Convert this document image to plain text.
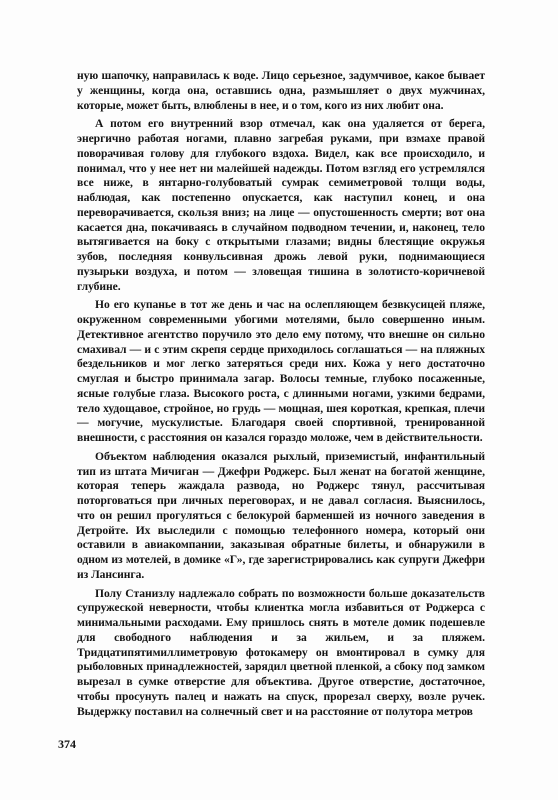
ную шапочку, направилась к воде. Лицо серьезное, задумчивое, какое бывает у женщины, когда она, оставшись одна, размышляет о двух мужчинах, которые, может быть, влюблены в нее, и о том, кого из них любит она.

А потом его внутренний взор отмечал, как она удаляется от берега, энергично работая ногами, плавно загребая руками, при взмахе правой поворачивая голову для глубокого вздоха. Видел, как все происходило, и понимал, что у нее нет ни малейшей надежды. Потом взгляд его устремлялся все ниже, в янтарно-голубоватый сумрак семиметровой толщи воды, наблюдая, как постепенно опускается, как наступил конец, и она переворачивается, скользя вниз; на лице — опустошенность смерти; вот она касается дна, покачиваясь в случайном подводном течении, и, наконец, тело вытягивается на боку с открытыми глазами; видны блестящие окружья зубов, последняя конвульсивная дрожь левой руки, поднимающиеся пузырьки воздуха, и потом — зловещая тишина в золотисто-коричневой глубине.

Но его купанье в тот же день и час на ослепляющем безвкусицей пляже, окруженном современными убогими мотелями, было совершенно иным. Детективное агентство поручило это дело ему потому, что внешне он сильно смахивал — и с этим скрепя сердце приходилось соглашаться — на пляжных бездельников и мог легко затеряться среди них. Кожа у него достаточно смуглая и быстро принимала загар. Волосы темные, глубоко посаженные, ясные голубые глаза. Высокого роста, с длинными ногами, узкими бедрами, тело худощавое, стройное, но грудь — мощная, шея короткая, крепкая, плечи — могучие, мускулистые. Благодаря своей спортивной, тренированной внешности, с расстояния он казался гораздо моложе, чем в действительности.

Объектом наблюдения оказался рыхлый, приземистый, инфантильный тип из штата Мичиган — Джефри Роджерс. Был женат на богатой женщине, которая теперь жаждала развода, но Роджерс тянул, рассчитывая поторговаться при личных переговорах, и не давал согласия. Выяснилось, что он решил прогуляться с белокурой барменшей из ночного заведения в Детройте. Их выследили с помощью телефонного номера, который они оставили в авиакомпании, заказывая обратные билеты, и обнаружили в одном из мотелей, в домике «Г», где зарегистрировались как супруги Джефри из Лансинга.

Полу Станизлу надлежало собрать по возможности больше доказательств супружеской неверности, чтобы клиентка могла избавиться от Роджерса с минимальными расходами. Ему пришлось снять в мотеле домик подешевле для свободного наблюдения и за жильем, и за пляжем. Тридцатипятимиллиметровую фотокамеру он вмонтировал в сумку для рыболовных принадлежностей, зарядил цветной пленкой, а сбоку под замком вырезал в сумке отверстие для объектива. Другое отверстие, достаточное, чтобы просунуть палец и нажать на спуск, прорезал сверху, возле ручек. Выдержку поставил на солнечный свет и на расстояние от полутора метров

374
